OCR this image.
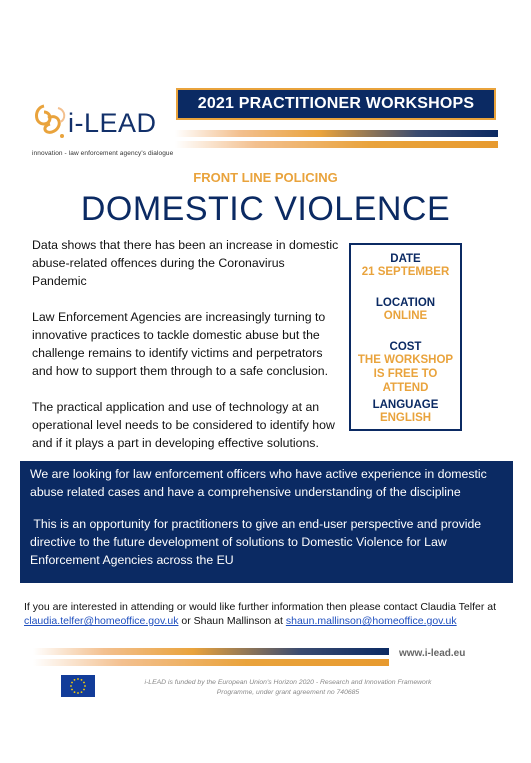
i-LEAD
innovation - law enforcement agency's dialogue
2021 PRACTITIONER WORKSHOPS
FRONT LINE POLICING
DOMESTIC VIOLENCE

Data shows that there has been an increase in domestic abuse-related offences during the Coronavirus Pandemic

Law Enforcement Agencies are increasingly turning to innovative practices to tackle domestic abuse but the challenge remains to identify victims and perpetrators and how to support them through to a safe conclusion.

The practical application and use of technology at an operational level needs to be considered to identify how and if it plays a part in developing effective solutions.

DATE
21 SEPTEMBER
LOCATION
ONLINE
COST
THE WORKSHOP IS FREE TO ATTEND
LANGUAGE
ENGLISH

We are looking for law enforcement officers who have active experience in domestic abuse related cases and have a comprehensive understanding of the discipline

This is an opportunity for practitioners to give an end-user perspective and provide directive to the future development of solutions to Domestic Violence for Law Enforcement Agencies across the EU

If you are interested in attending or would like further information then please contact Claudia Telfer at
claudia.telfer@homeoffice.gov.uk or Shaun Mallinson at shaun.mallinson@homeoffice.gov.uk
www.i-lead.eu
i-LEAD is funded by the European Union's Horizon 2020 - Research and Innovation Framework
Programme, under grant agreement no 740685
